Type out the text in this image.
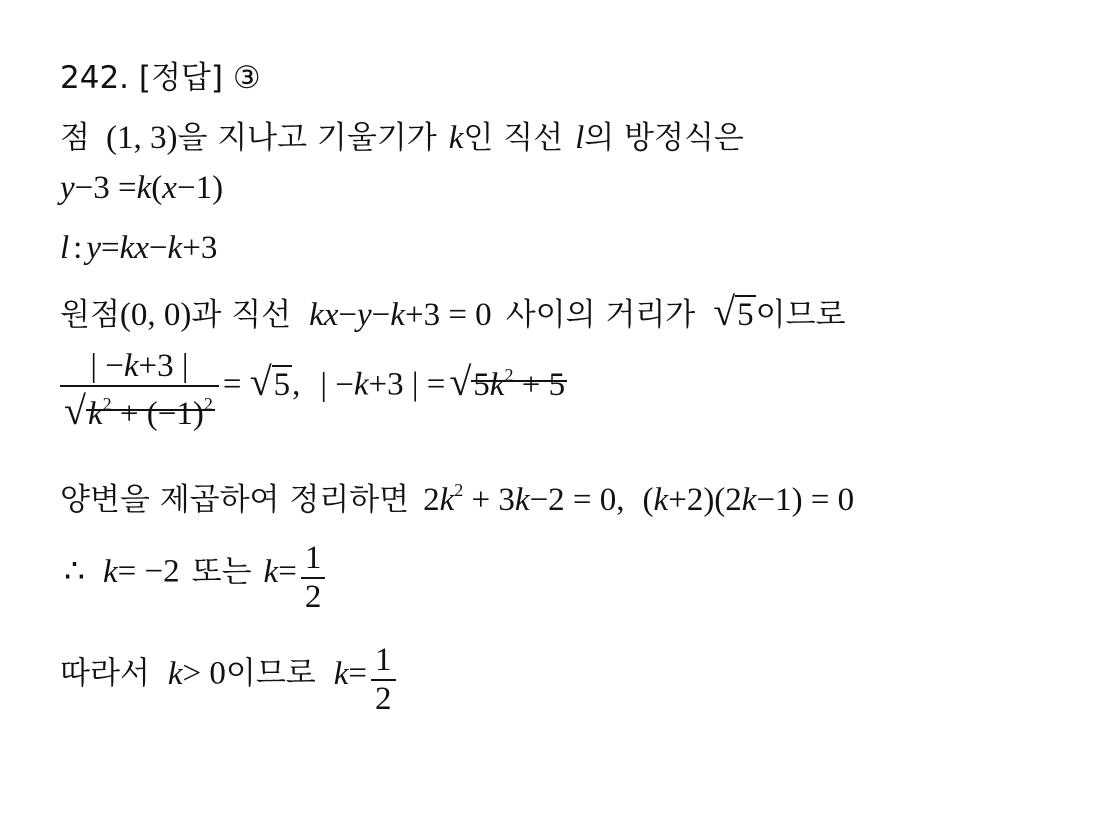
242. [정답] ③
점 (1, 3)을 지나고 기울기가 k인 직선 l의 방정식은
y−3 =k(x−1)
l : y=kx−k+3
원점(0, 0)과 직선 kx−y−k+3 = 0 사이의 거리가 √5이므로
$\frac{| -k+3 |}{√k2 + (-1)2} = √5$, | −k+3 | = √5k2 + 5
양변을 제곱하여 정리하면 2k2 + 3k−2 = 0, (k+2)(2k−1) = 0
∴ k= −2 또는 $k= \frac{1}{2}$
따라서 k> 0이므로 $k= \frac{1}{2}$
